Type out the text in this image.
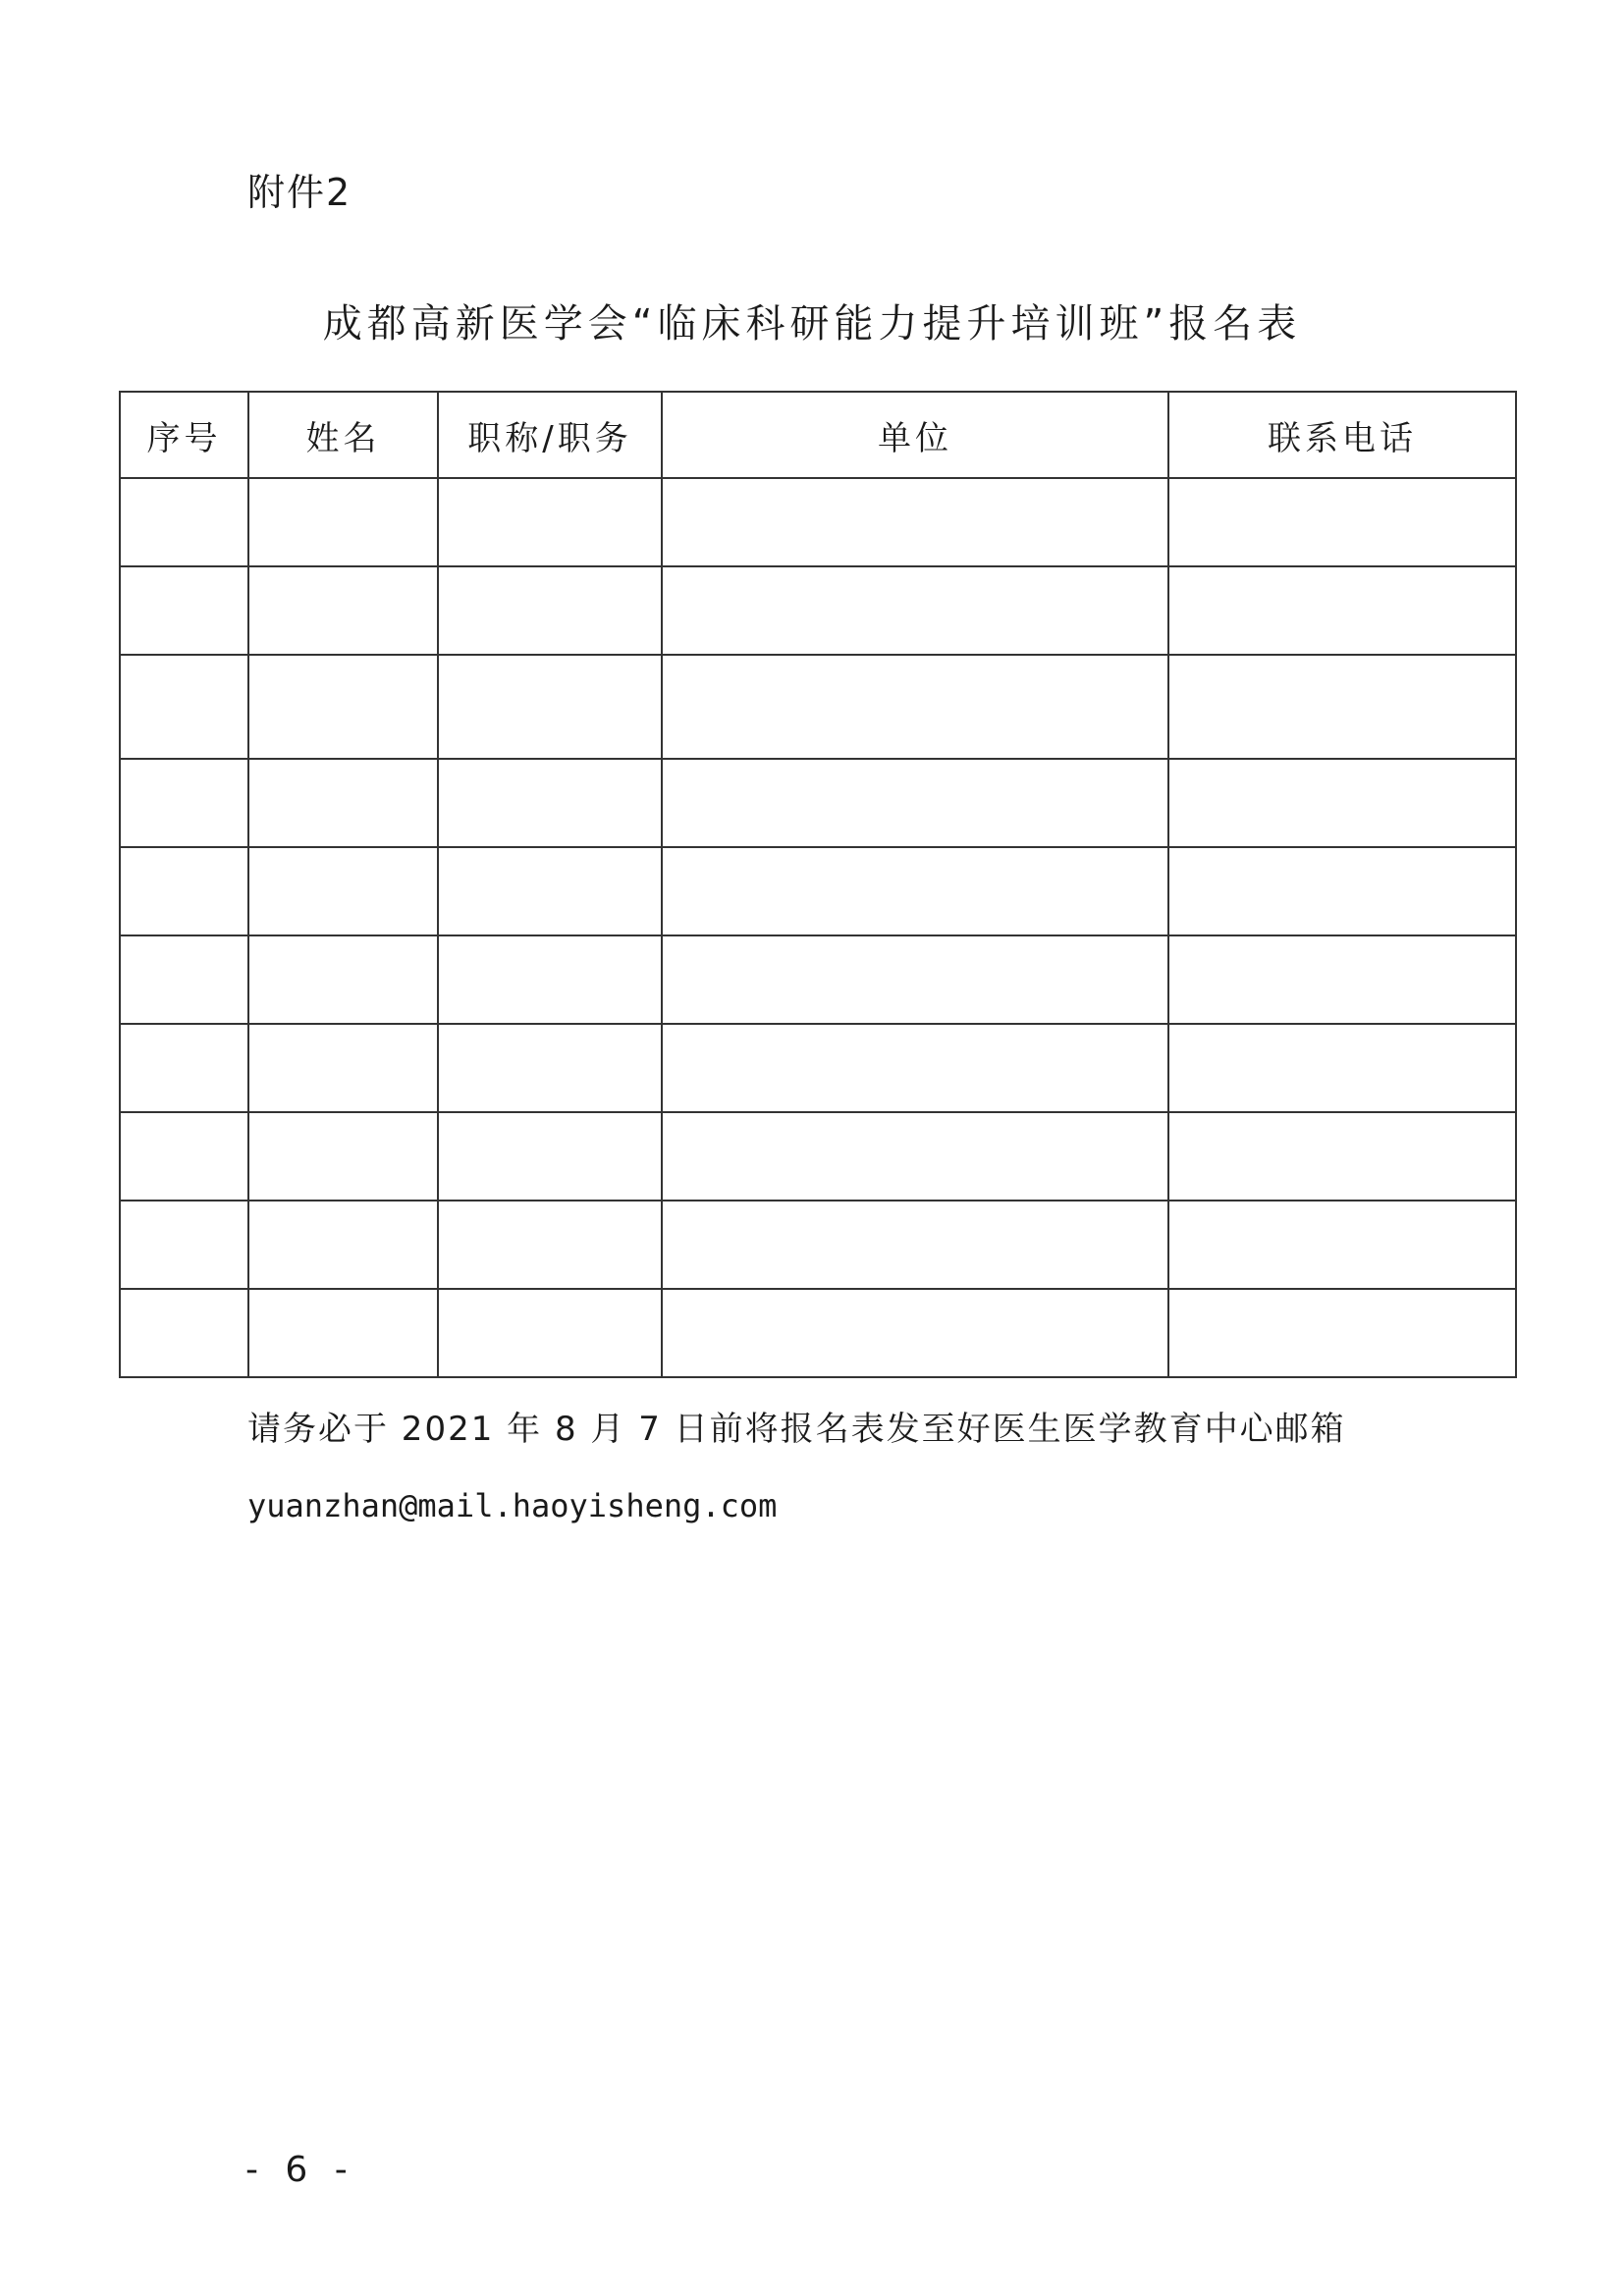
附件2
成都高新医学会“临床科研能力提升培训班”报名表
序号	姓名	职称/职务	单位	联系电话

请务必于 2021 年 8 月 7 日前将报名表发至好医生医学教育中心邮箱
yuanzhan@mail.haoyisheng.com
- 6 -
